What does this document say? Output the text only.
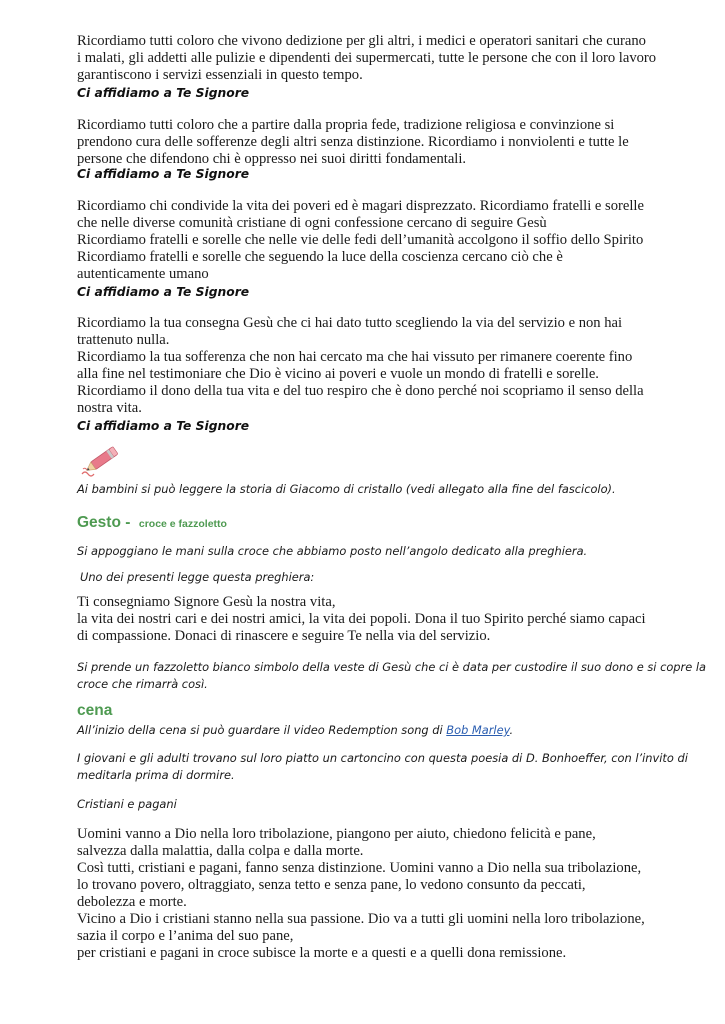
Ricordiamo tutti coloro che vivono dedizione per gli altri, i medici e operatori sanitari che curano
i malati, gli addetti alle pulizie e dipendenti dei supermercati, tutte le persone che con il loro lavoro
garantiscono i servizi essenziali in questo tempo.
Ci affidiamo a Te Signore
Ricordiamo tutti coloro che a partire dalla propria fede, tradizione religiosa e convinzione si
prendono cura delle sofferenze degli altri senza distinzione. Ricordiamo i nonviolenti e tutte le
persone che difendono chi è oppresso nei suoi diritti fondamentali.
Ci affidiamo a Te Signore
Ricordiamo chi condivide la vita dei poveri ed è magari disprezzato. Ricordiamo fratelli e sorelle
che nelle diverse comunità cristiane di ogni confessione cercano di seguire Gesù
Ricordiamo fratelli e sorelle che nelle vie delle fedi dell’umanità accolgono il soffio dello Spirito
Ricordiamo fratelli e sorelle che seguendo la luce della coscienza cercano ciò che è
autenticamente umano
Ci affidiamo a Te Signore
Ricordiamo la tua consegna Gesù che ci hai dato tutto scegliendo la via del servizio e non hai
trattenuto nulla.
Ricordiamo la tua sofferenza che non hai cercato ma che hai vissuto per rimanere coerente fino
alla fine nel testimoniare che Dio è vicino ai poveri e vuole un mondo di fratelli e sorelle.
Ricordiamo il dono della tua vita e del tuo respiro che è dono perché noi scopriamo il senso della
nostra vita.
Ci affidiamo a Te Signore
Ai bambini si può leggere la storia di Giacomo di cristallo (vedi allegato alla fine del fascicolo).
Gesto - croce e fazzoletto
Si appoggiano le mani sulla croce che abbiamo posto nell’angolo dedicato alla preghiera.
Uno dei presenti legge questa preghiera:
Ti consegniamo Signore Gesù la nostra vita,
la vita dei nostri cari e dei nostri amici, la vita dei popoli. Dona il tuo Spirito perché siamo capaci
di compassione. Donaci di rinascere e seguire Te nella via del servizio.
Si prende un fazzoletto bianco simbolo della veste di Gesù che ci è data per custodire il suo dono e si copre la
croce che rimarrà così.
cena
All’inizio della cena si può guardare il video Redemption song di Bob Marley.
I giovani e gli adulti trovano sul loro piatto un cartoncino con questa poesia di D. Bonhoeffer, con l’invito di
meditarla prima di dormire.
Cristiani e pagani
Uomini vanno a Dio nella loro tribolazione, piangono per aiuto, chiedono felicità e pane,
salvezza dalla malattia, dalla colpa e dalla morte.
Così tutti, cristiani e pagani, fanno senza distinzione. Uomini vanno a Dio nella sua tribolazione,
lo trovano povero, oltraggiato, senza tetto e senza pane, lo vedono consunto da peccati,
debolezza e morte.
Vicino a Dio i cristiani stanno nella sua passione. Dio va a tutti gli uomini nella loro tribolazione,
sazia il corpo e l’anima del suo pane,
per cristiani e pagani in croce subisce la morte e a questi e a quelli dona remissione.
